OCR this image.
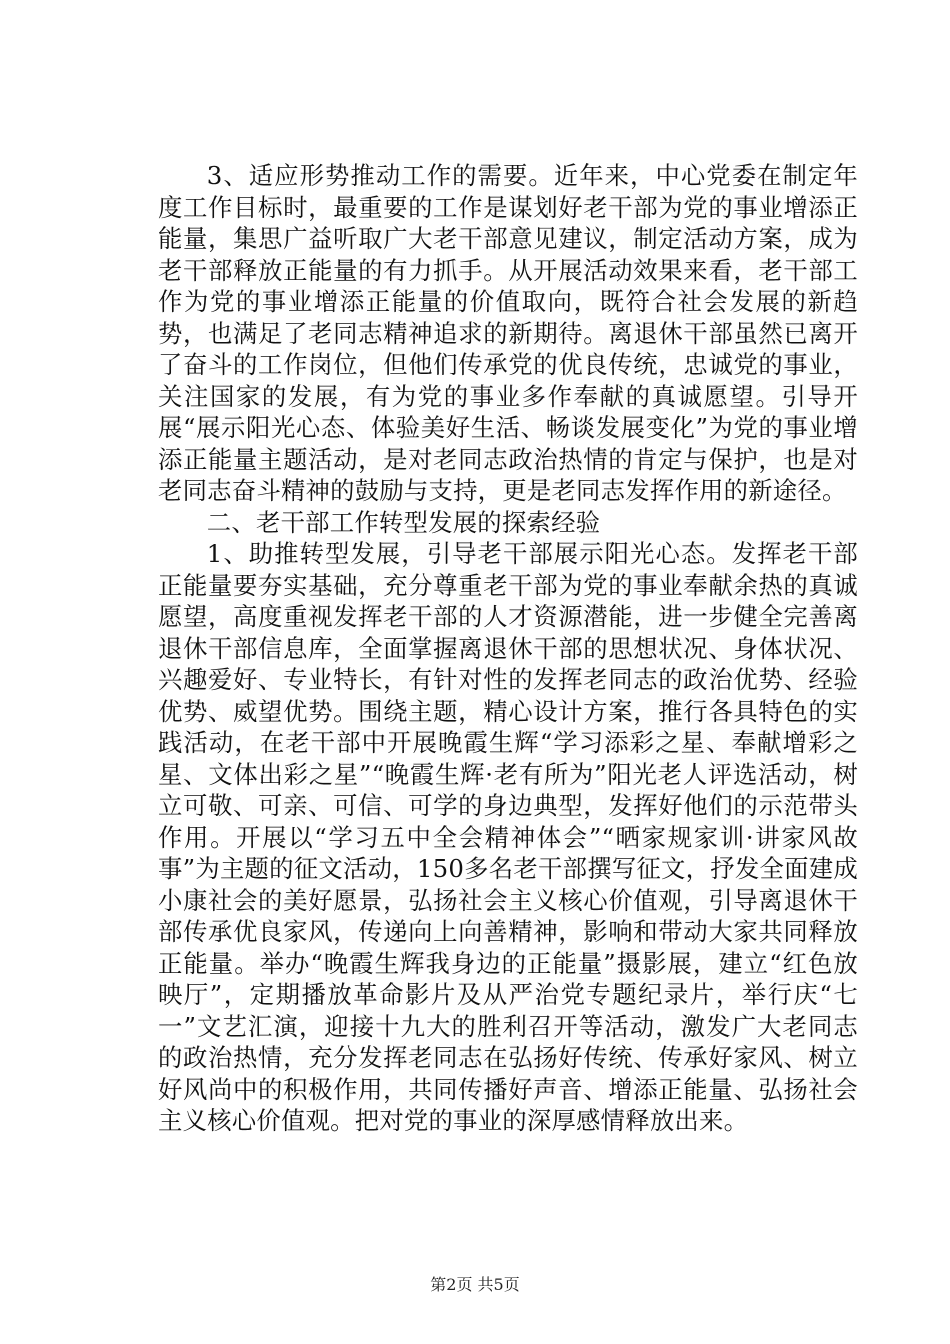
3、适应形势推动工作的需要。近年来，中心党委在制定年度工作目标时，最重要的工作是谋划好老干部为党的事业增添正能量，集思广益听取广大老干部意见建议，制定活动方案，成为老干部释放正能量的有力抓手。从开展活动效果来看，老干部工作为党的事业增添正能量的价值取向，既符合社会发展的新趋势，也满足了老同志精神追求的新期待。离退休干部虽然已离开了奋斗的工作岗位，但他们传承党的优良传统，忠诚党的事业，关注国家的发展，有为党的事业多作奉献的真诚愿望。引导开展“展示阳光心态、体验美好生活、畅谈发展变化”为党的事业增添正能量主题活动，是对老同志政治热情的肯定与保护，也是对老同志奋斗精神的鼓励与支持，更是老同志发挥作用的新途径。

二、老干部工作转型发展的探索经验

1、助推转型发展，引导老干部展示阳光心态。发挥老干部正能量要夯实基础，充分尊重老干部为党的事业奉献余热的真诚愿望，高度重视发挥老干部的人才资源潜能，进一步健全完善离退休干部信息库，全面掌握离退休干部的思想状况、身体状况、兴趣爱好、专业特长，有针对性的发挥老同志的政治优势、经验优势、威望优势。围绕主题，精心设计方案，推行各具特色的实践活动，在老干部中开展晚霞生辉“学习添彩之星、奉献增彩之星、文体出彩之星”“晚霞生辉·老有所为”阳光老人评选活动，树立可敬、可亲、可信、可学的身边典型，发挥好他们的示范带头作用。开展以“学习五中全会精神体会”“晒家规家训·讲家风故事”为主题的征文活动，150多名老干部撰写征文，抒发全面建成小康社会的美好愿景，弘扬社会主义核心价值观，引导离退休干部传承优良家风，传递向上向善精神，影响和带动大家共同释放正能量。举办“晚霞生辉我身边的正能量”摄影展，建立“红色放映厅”，定期播放革命影片及从严治党专题纪录片，举行庆“七一”文艺汇演，迎接十九大的胜利召开等活动，激发广大老同志的政治热情，充分发挥老同志在弘扬好传统、传承好家风、树立好风尚中的积极作用，共同传播好声音、增添正能量、弘扬社会主义核心价值观。把对党的事业的深厚感情释放出来。

第2页 共5页
